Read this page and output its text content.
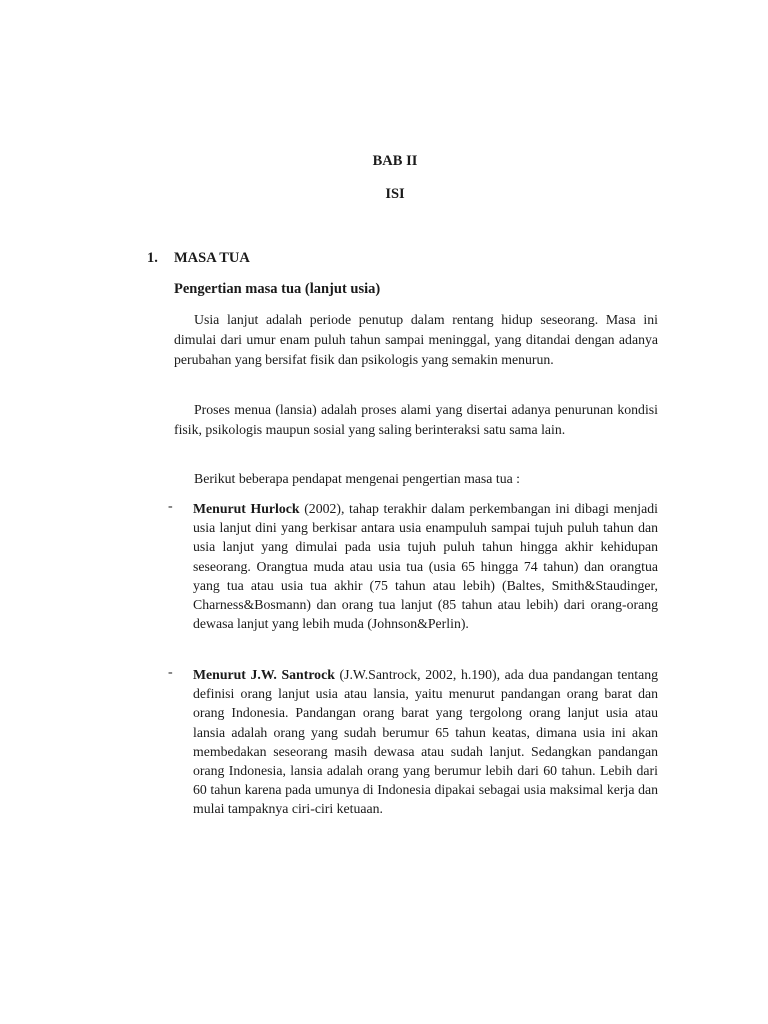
BAB II
ISI
1. MASA TUA
Pengertian masa tua (lanjut usia)
Usia lanjut adalah periode penutup dalam rentang hidup seseorang. Masa ini dimulai dari umur enam puluh tahun sampai meninggal, yang ditandai dengan adanya perubahan yang bersifat fisik dan psikologis yang semakin menurun.
Proses menua (lansia) adalah proses alami yang disertai adanya penurunan kondisi fisik, psikologis maupun sosial yang saling berinteraksi satu sama lain.
Berikut beberapa pendapat mengenai pengertian masa tua :
- Menurut Hurlock (2002), tahap terakhir dalam perkembangan ini dibagi menjadi usia lanjut dini yang berkisar antara usia enampuluh sampai tujuh puluh tahun dan usia lanjut yang dimulai pada usia tujuh puluh tahun hingga akhir kehidupan seseorang. Orangtua muda atau usia tua (usia 65 hingga 74 tahun) dan orangtua yang tua atau usia tua akhir (75 tahun atau lebih) (Baltes, Smith&Staudinger, Charness&Bosmann) dan orang tua lanjut (85 tahun atau lebih) dari orang-orang dewasa lanjut yang lebih muda (Johnson&Perlin).
- Menurut J.W. Santrock (J.W.Santrock, 2002, h.190), ada dua pandangan tentang definisi orang lanjut usia atau lansia, yaitu menurut pandangan orang barat dan orang Indonesia. Pandangan orang barat yang tergolong orang lanjut usia atau lansia adalah orang yang sudah berumur 65 tahun keatas, dimana usia ini akan membedakan seseorang masih dewasa atau sudah lanjut. Sedangkan pandangan orang Indonesia, lansia adalah orang yang berumur lebih dari 60 tahun. Lebih dari 60 tahun karena pada umunya di Indonesia dipakai sebagai usia maksimal kerja dan mulai tampaknya ciri-ciri ketuaan.
